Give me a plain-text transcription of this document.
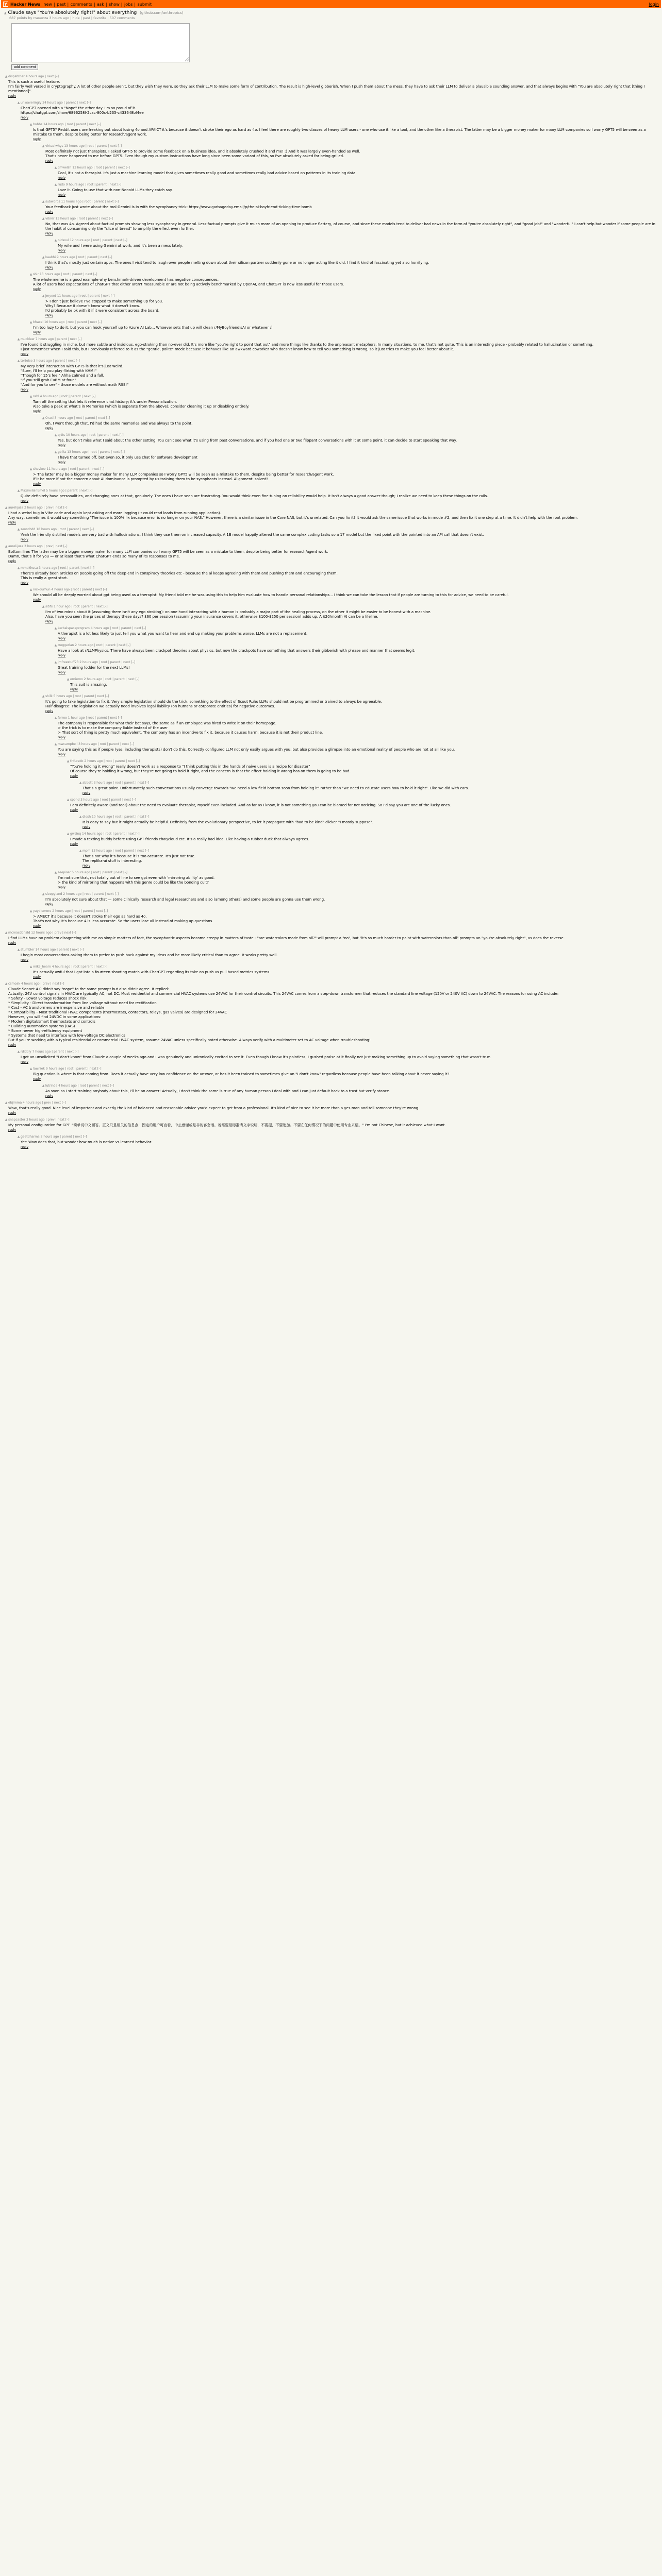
Y Hacker News new | past | comments | ask | show | jobs | submit	login
▲ Claude says "You're absolutely right!" about everything (github.com/anthropics)
687 points by rrauenza 3 hours ago | hide | past | favorite | 507 comments
add comment
▲ dispatcher 4 hours ago | next [–]
This is such a useful feature.
I'm fairly well versed in cryptography. A lot of other people aren't, but they wish they were, so they ask their LLM to make some form of contribution. The result is high-level gibberish. When I push them about the mess, they have to ask their LLM to deliver a plausible sounding answer, and that always begins with "You are absolutely right that [thing I mentioned]".
reply
▲ unwaveringly 24 hours ago | parent | next [–]
ChatGPT opened with a "Nope" the other day. I'm so proud of it.
https://chatgpt.com/share/6896258f-2cac-800c-b235-c433648bf4ee
reply
▲ bobbs 14 hours ago | root | parent | next [–]
Is that GPT5? Reddit users are freaking out about losing 4o and AFAICT it's because it doesn't stroke their ego as hard as 4o. I feel there are roughly two classes of heavy LLM users - one who use it like a tool, and the other like a therapist. The latter may be a bigger money maker for many LLM companies so I worry GPT5 will be seen as a mistake to them, despite being better for research/agent work.
reply
▲ virtualwhys 13 hours ago | root | parent | next [–]
Most definitely not just therapists. I asked GPT-5 to provide some feedback on a business idea, and it absolutely crushed it and me! :) And it was largely even-handed as well.
That's never happened to me before GPT5. Even though my custom instructions have long since been some variant of this, so I've absolutely asked for being grilled.
reply
▲ cmwelsh 13 hours ago | root | parent | next [–]
Cool, it's not a therapist. It's just a machine learning model that gives sometimes really good and sometimes really bad advice based on patterns in its training data.
reply
▲ rudo 9 hours ago | root | parent | next [–]
Love it. Going to use that with non-Nonoid LLMs they catch say.
reply
▲ subwords 11 hours ago | root | parent | next [–]
Your feedback just wrote about the tool Gemini is in with the sycophancy trick: https://www.garbageday.email/p/the-ai-boyfriend-ticking-time-bomb
reply
▲ vibrer 13 hours ago | root | parent | next [–]
No, that was 4o. Agreed about factual prompts showing less sycophancy in general. Less-factual prompts give it much more of an opening to produce flattery, of course, and since these models tend to deliver bad news in the form of "you're absolutely right", and "good job!" and "wonderful" I can't help but wonder if some people are in the habit of consuming only the "slice of bread" to amplify the effect even further.
reply
▲ oldsoul 12 hours ago | root | parent | next [–]
My wife and I were using Gemini at work, and it's been a mess lately.
reply
▲ kaabhi 9 hours ago | root | parent | next [–]
I think that's mostly just certain apps. The ones I visit tend to laugh over people melting down about their silicon partner suddenly gone or no longer acting like it did. I find it kind of fascinating yet also horrifying.
reply
▲ shir 13 hours ago | root | parent | next [–]
The whole meme is a good example why benchmark-driven development has negative consequences.
A lot of users had expectations of ChatGPT that either aren't measurable or are not being actively benchmarked by OpenAI, and ChatGPT is now less useful for those users.
reply
▲ jmyeet 11 hours ago | root | parent | next [–]
> I don't just believe I've stopped to make something up for you.
Why? Because it doesn't know what it doesn't know.
I'd probably be ok with it if it were consistent across the board.
reply
▲ bhaxel 10 hours ago | root | parent | next [–]
I'm too lazy to do it, but you can hook yourself up to Azure AI Lab... Whoever sets that up will clean r/MyBoyfriendIsAI or whatever :)
reply
▲ mucklew 7 hours ago | parent | next [–]
I've found it struggling in niche, but more subtle and insidious, ego-stroking than no-ever did. It's more like "you're right to point that out" and more things like thanks to the unpleasant metaphors. In many situations, to me, that's not quite. This is an interesting piece - probably related to hallucination or something.
I just remember when I said this, but I previously referred to it as the "gentle, polite" mode because it behaves like an awkward coworker who doesn't know how to tell you something is wrong, so it just tries to make you feel better about it.
reply
▲ tortoise 3 hours ago | parent | next [–]
My very brief interaction with GPT5 is that it's just weird.
"Sure, I'll help you play flirting with KHM!"
"Though for 15's fee," Ahha calmed and a fall.
"If you still grab EuRM at four."
"And for you to see" - those models are without math RSS!"
reply
▲ rahl 4 hours ago | root | parent | next [–]
Turn off the setting that lets it reference chat history; it's under Personalization.
Also take a peek at what's in Memories (which is separate from the above); consider cleaning it up or disabling entirely.
reply
▲ Oracl 3 hours ago | root | parent | next [–]
Oh, I went through that. I'd had the same memories and was always to the point.
reply
▲ qrtts 10 hours ago | root | parent | next [–]
Yes, but don't miss what I said about the other setting. You can't see what it's using from past conversations, and if you had one or two flippant conversations with it at some point, it can decide to start speaking that way.
reply
▲ gblitz 13 hours ago | root | parent | next [–]
I have that turned off, but even so, it only use chat for software development
reply
▲ shevkov 11 hours ago | root | parent | next [–]
> The latter may be a bigger money maker for many LLM companies so I worry GPT5 will be seen as a mistake to them, despite being better for research/agent work.
If it be more if not the concern about AI dominance is prompted by us training them to be sycophants instead. Alignment: solved!
reply
▲ MaximilianEmel 5 hours ago | parent | next [–]
Quite definitely have personalities, and changing ones at that, genuinely. The ones I have seen are frustrating. You would think even fine-tuning on reliability would help. It isn't always a good answer though; I realize we need to keep these things on the rails.
reply
▲ aurelijusa 2 hours ago | prev | next [–]
I had a weird bug in Vibe code and again kept asking and more logging (it could read loads from running application).
Any way, sometimes it would say something "The issue is 100% fix because error is no longer on your NAS." However, there is a similar issue in the Core NAS, but it's unrelated. Can you fix it? It would ask the same issue that works in mode #2, and then fix it one step at a time. It didn't help with the root problem.
reply
▲ zeuschdd 18 hours ago | root | parent | next [–]
Yeah the friendly distilled models are very bad with hallucinations. I think they use them on increased capacity. A 1B model happily altered the same complex coding tasks so a 17 model but the fixed point with the pointed into an API call that doesn't exist.
reply
▲ aurelijusa 3 hours ago | prev | next [–]
Bottom line: The latter may be a bigger money maker for many LLM companies so I worry GPT5 will be seen as a mistake to them, despite being better for research/agent work.
Damn, that's it for you — or at least that's what ChatGPT ends so many of its responses to me.
reply
▲ mmakhusa 3 hours ago | root | parent | next [–]
There's already been articles on people going off the deep end in conspiracy theories etc - because the ai keeps agreeing with them and pushing them and encouraging them.
This is really a great start.
reply
▲ nickdurhun 4 hours ago | root | parent | next [–]
We should all be deeply worried about gpt being used as a therapist. My friend told me he was using this to help him evaluate how to handle personal relationships... I think we can take the lesson that if people are turning to this for advice, we need to be careful.
reply
▲ sitifs 1 hour ago | root | parent | next [–]
I'm of two minds about it (assuming there isn't any ego stroking): on one hand interacting with a human is probably a major part of the healing process, on the other it might be easier to be honest with a machine.
Also, have you seen the prices of therapy these days? $60 per session (assuming your insurance covers it, otherwise $100-$250 per session) adds up. A $20/month AI can be a lifeline.
reply
▲ kerbalspaceprogram 4 hours ago | root | parent | next [–]
A therapist is a lot less likely to just tell you what you want to hear and end up making your problems worse. LLMs are not a replacement.
reply
▲ treggerlan 2 hours ago | root | parent | next [–]
Have a look at r/LLMPhysics. There have always been crackpot theories about physics, but now the crackpots have something that answers their gibberish with phrase and manner that seems legit.
reply
▲ jmfreestuff23 2 hours ago | root | parent | next [–]
Great training fodder for the next LLMs!
reply
▲ erniemo 2 hours ago | root | parent | next [–]
This suit is amazing.
reply
▲ shilk 5 hours ago | root | parent | next [–]
It's going to take legislation to fix it. Very simple legislation should do the trick, something to the effect of Scout Rule: LLMs should not be programmed or trained to always be agreeable.
Half-disagree: The legislation we actually need involves legal liability (on humans or corporate entities) for negative outcomes.
reply
▲ ferroo 1 hour ago | root | parent | next [–]
The company is responsible for what their bot says, the same as if an employee was hired to write it on their homepage.
> the trick is to make the company liable instead of the user
> That sort of thing is pretty much equivalent. The company has an incentive to fix it, because it causes harm, because it is not their product line.
reply
▲ mwcampbell 3 hours ago | root | parent | next [–]
You are saying this as if people (yes, including therapists) don't do this. Correctly configured LLM not only easily argues with you, but also provides a glimpse into an emotional reality of people who are not at all like you.
reply
▲ thfuredo 2 hours ago | root | parent | next [–]
"You're holding it wrong" really doesn't work as a response to "I think putting this in the hands of naive users is a recipe for disaster"
Of course they're holding it wrong, but they're not going to hold it right, and the concern is that the effect holding it wrong has on them is going to be bad.
reply
▲ abbott 3 hours ago | root | parent | next [–]
That's a great point. Unfortunately such conversations usually converge towards "we need a low field bottom soon from holding it" rather than "we need to educate users how to hold it right". Like we did with cars.
reply
▲ spond 3 hours ago | root | parent | next [–]
I am definitely aware (and too!) about the need to evaluate therapist, myself even included. And as far as I know, it is not something you can be blamed for not noticing. So I'd say you are one of the lucky ones.
reply
▲ diosh 10 hours ago | root | parent | next [–]
It is easy to say but it might actually be helpful. Definitely from the evolutionary perspective, to let it propagate with "bad to be kind" clicker "I mostly suppose".
reply
▲ gwsinq 14 hours ago | root | parent | next [–]
I made a texting buddy before using GPT friends chat/cloud etc. It's a really bad idea. Like having a rubber duck that always agrees.
reply
▲ mpm 13 hours ago | root | parent | next [–]
That's not why it's because it is too accurate. It's just not true.
The replika-ai stuff is interesting.
reply
▲ seepiser 5 hours ago | root | parent | next [–]
I'm not sure that, not totally out of line to see gpt even with 'mirroring ability' as good.
> the kind of mirroring that happens with this genre could be like the bonding cult?
reply
▲ sleepyland 2 hours ago | root | parent | next [–]
I'm absolutely not sure about that — some clinically research and legal researchers and also (among others) and some people are gonna use them wrong.
reply
▲ yaydlemore 2 hours ago | root | parent | next [–]
> AMECT it's because it doesn't stroke their ego as hard as 4o.
That's not why. It's because 4 is less accurate. So the users lose all instead of making up questions.
reply
▲ mcmacdonald 12 hours ago | prev | next [–]
I find LLMs have no problem disagreeing with me on simple matters of fact, the sycophantic aspects become creepy in matters of taste - "are watercolors made from oil?" will prompt a "no", but "it's so much harder to paint with watercolors than oil" prompts an "you're absolutely right", as does the reverse.
reply
▲ stumbler 14 hours ago | parent | next [–]
I begin most conversations asking them to prefer to push back against my ideas and be more likely critical than to agree. It works pretty well.
reply
▲ mike_hearn 4 hours ago | root | parent | next [–]
It's actually awful that I got into a fourteen shooting match with ChatGPT regarding its take on push vs pull based metrics systems.
reply
▲ csmoak 4 hours ago | prev | next [–]
Claude Sonnet 4.0 didn't say "nope" to the same prompt but also didn't agree. It replied:
Actually, 24V control signals in HVAC are typically AC, not DC. Most residential and commercial HVAC systems use 24VAC for their control circuits. This 24VAC comes from a step-down transformer that reduces the standard line voltage (120V or 240V AC) down to 24VAC. The reasons for using AC include:
* Safety - Lower voltage reduces shock risk
* Simplicity - Direct transformation from line voltage without need for rectification
* Cost - AC transformers are inexpensive and reliable
* Compatibility - Most traditional HVAC components (thermostats, contactors, relays, gas valves) are designed for 24VAC
However, you will find 24VDC in some applications:
* Modern digital/smart thermostats and controls
* Building automation systems (BAS)
* Some newer high-efficiency equipment
* Systems that need to interface with low-voltage DC electronics
But if you're working with a typical residential or commercial HVAC system, assume 24VAC unless specifically noted otherwise. Always verify with a multimeter set to AC voltage when troubleshooting!
reply
▲ rdiddly 7 hours ago | parent | next [–]
I got an unsolicited "I don't know" from Claude a couple of weeks ago and I was genuinely and unironically excited to see it. Even though I know it's pointless, I gushed praise at it finally not just making something up to avoid saying something that wasn't true.
reply
▲ lawniek 9 hours ago | root | parent | next [–]
Big question is where is that coming from. Does it actually have very low confidence on the answer, or has it been trained to sometimes give an "I don't know" regardless because people have been talking about it never saying it?
reply
▲ lutrinde 4 hours ago | root | parent | next [–]
As soon as I start training anybody about this, I'll be an answer! Actually, I don't think the same is true of any human person I deal with and I can just default back to a trust but verify stance.
reply
▲ ebjimma 4 hours ago | prev | next [–]
Wow, that's really good. Nice level of important and exactly the kind of balanced and reasonable advice you'd expect to get from a professional. It's kind of nice to see it be more than a yes-man and tell someone they're wrong.
reply
▲ snapcaster 3 hours ago | prev | next [–]
My personal configuration for GPT: "简单说中文回答。正文只是相关的信息点，固定的用户可查看，中止感谢或是非的客套话。若需要最标准请文字说明，不要提，不要追加。不要在任何情况下的问题中使用专业术语。" I'm not Chinese, but it achieved what I want.
reply
▲ geetdharma 2 hours ago | parent | next [–]
Yet: Wow does that, but wonder how much is native vs learned behavior.
reply
